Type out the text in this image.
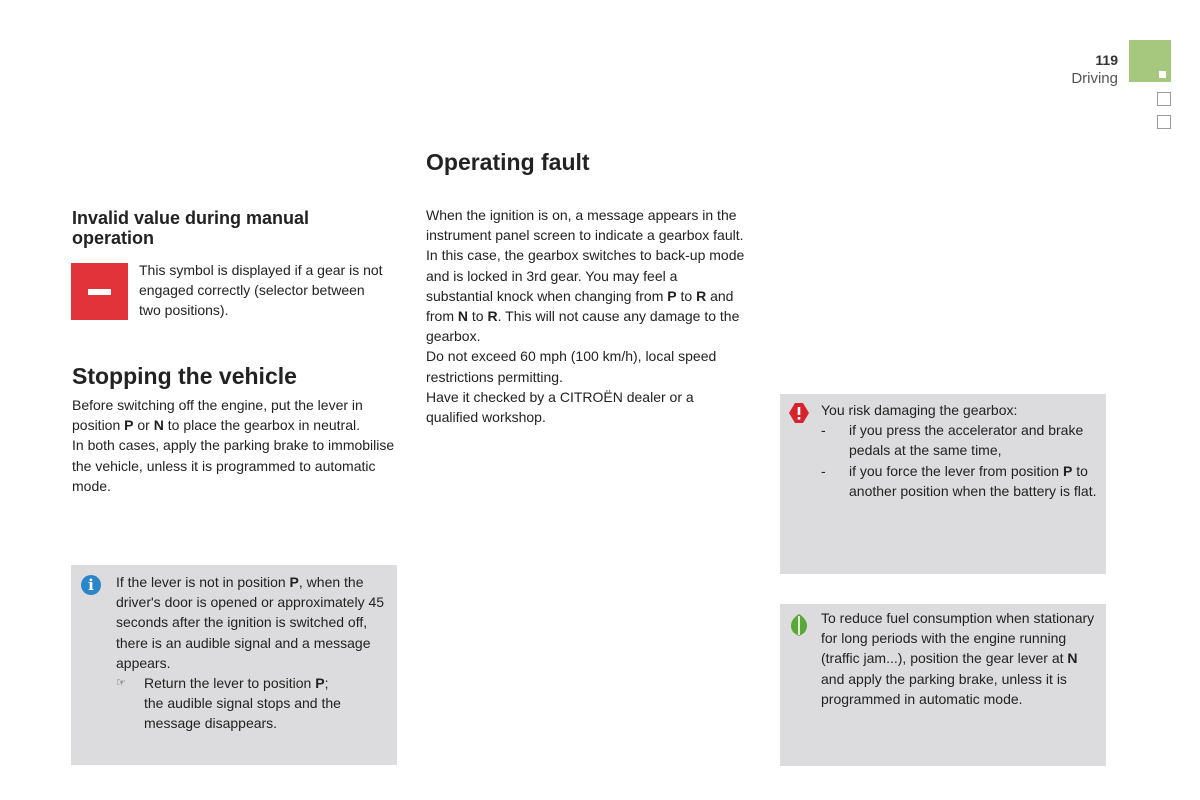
119
Driving
Invalid value during manual operation

This symbol is displayed if a gear is not engaged correctly (selector between two positions).

Stopping the vehicle

Before switching off the engine, put the lever in position P or N to place the gearbox in neutral.

In both cases, apply the parking brake to immobilise the vehicle, unless it is programmed to automatic mode.

i	If the lever is not in position P, when the driver's door is opened or approximately 45 seconds after the ignition is switched off, there is an audible signal and a message appears.

☞	Return the lever to position P;
the audible signal stops and the message disappears.

Operating fault

When the ignition is on, a message appears in the instrument panel screen to indicate a gearbox fault.

In this case, the gearbox switches to back-up mode and is locked in 3rd gear. You may feel a substantial knock when changing from P to R and from N to R. This will not cause any damage to the gearbox.

Do not exceed 60 mph (100 km/h), local speed restrictions permitting.

Have it checked by a CITROËN dealer or a qualified workshop.	You risk damaging the gearbox:

-	if you press the accelerator and brake pedals at the same time,
-	if you force the lever from position P to another position when the battery is flat.

To reduce fuel consumption when stationary for long periods with the engine running (traffic jam...), position the gear lever at N and apply the parking brake, unless it is programmed in automatic mode.
